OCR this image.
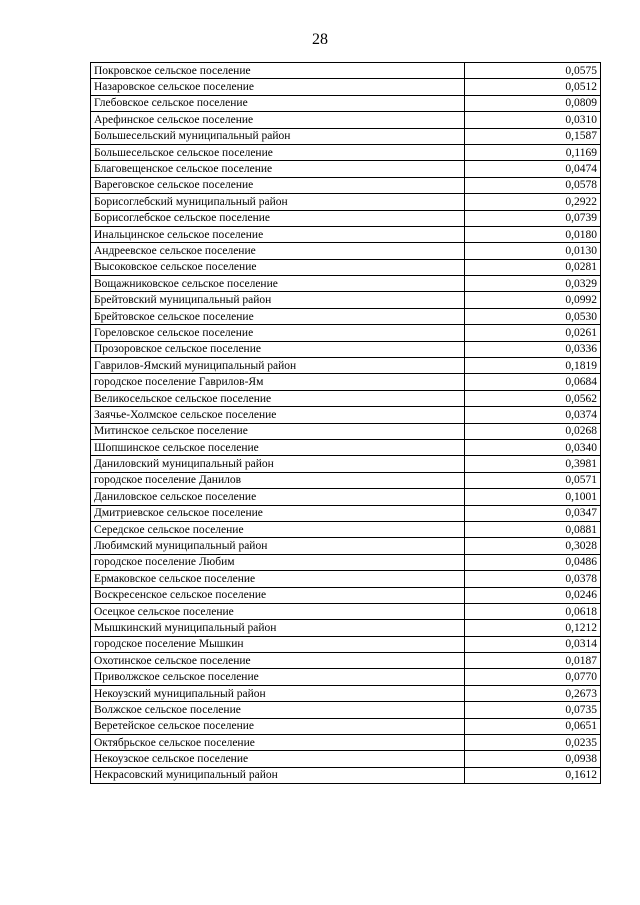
28
Покровское сельское поселение	0,0575
Назаровское сельское поселение	0,0512
Глебовское сельское поселение	0,0809
Арефинское сельское поселение	0,0310
Большесельский муниципальный район	0,1587
Большесельское сельское поселение	0,1169
Благовещенское сельское поселение	0,0474
Вареговское сельское поселение	0,0578
Борисоглебский муниципальный район	0,2922
Борисоглебское сельское поселение	0,0739
Инальцинское сельское поселение	0,0180
Андреевское сельское поселение	0,0130
Высоковское сельское поселение	0,0281
Вощажниковское сельское поселение	0,0329
Брейтовский муниципальный район	0,0992
Брейтовское сельское поселение	0,0530
Гореловское сельское поселение	0,0261
Прозоровское сельское поселение	0,0336
Гаврилов-Ямский муниципальный район	0,1819
городское поселение Гаврилов-Ям	0,0684
Великосельское сельское поселение	0,0562
Заячье-Холмское сельское поселение	0,0374
Митинское сельское поселение	0,0268
Шопшинское сельское поселение	0,0340
Даниловский муниципальный район	0,3981
городское поселение Данилов	0,0571
Даниловское сельское поселение	0,1001
Дмитриевское сельское поселение	0,0347
Середское сельское поселение	0,0881
Любимский муниципальный район	0,3028
городское поселение Любим	0,0486
Ермаковское сельское поселение	0,0378
Воскресенское сельское поселение	0,0246
Осецкое сельское поселение	0,0618
Мышкинский муниципальный район	0,1212
городское поселение Мышкин	0,0314
Охотинское сельское поселение	0,0187
Приволжское сельское поселение	0,0770
Некоузский муниципальный район	0,2673
Волжское сельское поселение	0,0735
Веретейское сельское поселение	0,0651
Октябрьское сельское поселение	0,0235
Некоузское сельское поселение	0,0938
Некрасовский муниципальный район	0,1612
